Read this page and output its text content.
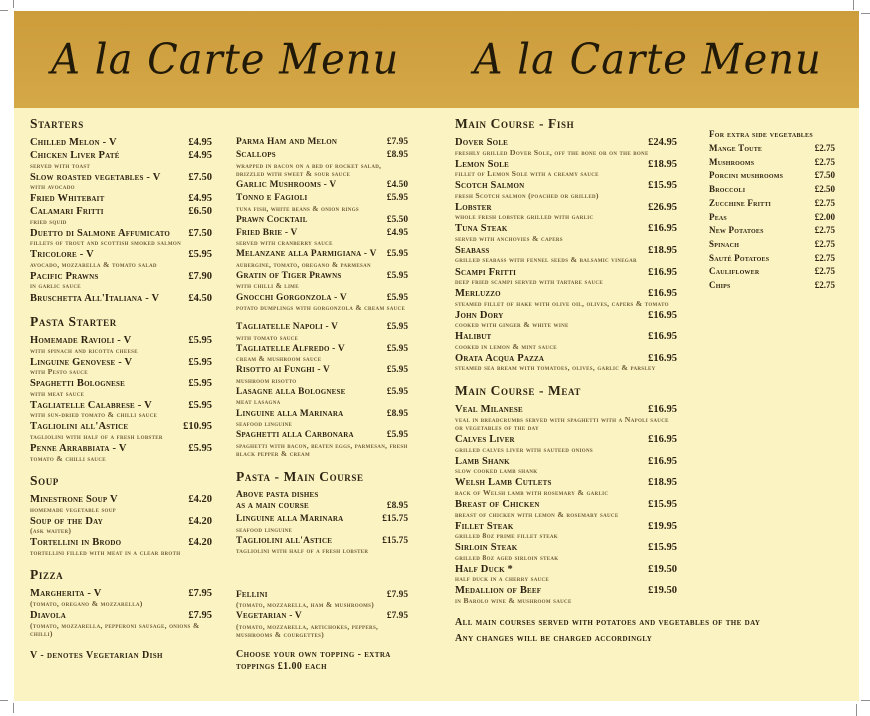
A la Carte Menu A la Carte Menu
Starters
Chilled Melon - V	£4.95
Chicken Liver Paté	£4.95
served with toast
Slow roasted vegetables - V	£7.50
with avocado
Fried Whitebait	£4.95
Calamari Fritti	£6.50
fried squid
Duetto di Salmone Affumicato £7.50
fillets of trout and scottish smoked salmon
Tricolore - V	£5.95
avocado, mozzarella & tomato salad
Pacific Prawns	£7.90
in garlic sauce
Bruschetta All'Italiana - V	£4.50
Pasta Starter
Homemade Ravioli - V	£5.95
with spinach and ricotta cheese
Linguine Genovese - V	£5.95
with Pesto sauce
Spaghetti Bolognese	£5.95
with meat sauce
Tagliatelle Calabrese - V	£5.95
with sun-dried tomato & chilli sauce
Tagliolini all'Astice	£10.95
tagliolini with half of a fresh lobster
Penne Arrabbiata - V	£5.95
tomato & chilli sauce
Soup
Minestrone Soup V	£4.20
homemade vegetable soup
Soup of the Day	£4.20
(ask waiter)
Tortellini in Brodo	£4.20
tortellini filled with meat in a clear broth
Pizza
Margherita - V	£7.95
(tomato, oregano & mozzarella)
Diavola	£7.95
(tomato, mozzarella, pepperoni sausage, onions & chilli)
V - denotes Vegetarian Dish
Parma Ham and Melon	£7.95
Scallops	£8.95
wrapped in bacon on a bed of rocket salad, drizzled with sweet & sour sauce
Garlic Mushrooms - V	£4.50
Tonno e Fagioli	£5.95
tuna fish, white beans & onion rings
Prawn Cocktail	£5.50
Fried Brie - V	£4.95
served with cranberry sauce
Melanzane alla Parmigiana - V £5.95
aubergine, tomato, oregano & parmesan
Gratin of Tiger Prawns	£5.95
with chilli & lime
Gnocchi Gorgonzola - V	£5.95
potato dumplings with gorgonzola & cream sauce
Tagliatelle Napoli - V	£5.95
with tomato sauce
Tagliatelle Alfredo - V	£5.95
cream & mushroom sauce
Risotto ai Funghi - V	£5.95
mushroom risotto
Lasagne alla Bolognese	£5.95
meat lasagna
Linguine alla Marinara	£8.95
seafood linguine
Spaghetti alla Carbonara	£5.95
spaghetti with bacon, beaten eggs, parmesan, fresh black pepper & cream
Pasta - Main Course
Above pasta dishes
as a main course	£8.95
Linguine alla Marinara	£15.75
seafood linguine
Tagliolini all'Astice	£15.75
tagliolini with half of a fresh lobster
Fellini	£7.95
(tomato, mozzarella, ham & mushrooms)
Vegetarian - V	£7.95
(tomato, mozzarella, artichokes, peppers, mushrooms & courgettes)
Choose your own topping - extra toppings £1.00 each
Main Course - Fish
Dover Sole	£24.95
freshly grilled Dover Sole, off the bone or on the bone
Lemon Sole	£18.95
fillet of Lemon Sole with a creamy sauce
Scotch Salmon	£15.95
fresh Scotch salmon (poached or grilled)
Lobster	£26.95
whole fresh lobster grilled with garlic
Tuna Steak	£16.95
served with anchovies & capers
Seabass	£18.95
grilled seabass with fennel seeds & balsamic vinegar
Scampi Fritti	£16.95
deep fried scampi served with tartare sauce
Merluzzo	£16.95
steamed fillet of hake with olive oil, olives, capers & tomato
John Dory	£16.95
cooked with ginger & white wine
Halibut	£16.95
cooked in lemon & mint sauce
Orata Acqua Pazza	£16.95
steamed sea bream with tomatoes, olives, garlic & parsley
Main Course - Meat
Veal Milanese	£16.95
veal in breadcrumbs served with spaghetti with a Napoli sauce or vegetables of the day
Calves Liver	£16.95
grilled calves liver with sauteed onions
Lamb Shank	£16.95
slow cooked lamb shank
Welsh Lamb Cutlets	£18.95
rack of Welsh lamb with rosemary & garlic
Breast of Chicken	£15.95
breast of chicken with lemon & rosemary sauce
Fillet Steak	£19.95
grilled 8oz prime fillet steak
Sirloin Steak	£15.95
grilled 8oz aged sirloin steak
Half Duck *	£19.50
half duck in a cherry sauce
Medallion of Beef	£19.50
in Barolo wine & mushroom sauce
All main courses served with potatoes and vegetables of the day
Any changes will be charged accordingly
For extra side vegetables
Mange Toute	£2.75
Mushrooms	£2.75
Porcini mushrooms	£7.50
Broccoli	£2.50
Zucchine Fritti	£2.75
Peas	£2.00
New Potatoes	£2.75
Spinach	£2.75
Sauté Potatoes	£2.75
Cauliflower	£2.75
Chips	£2.75
